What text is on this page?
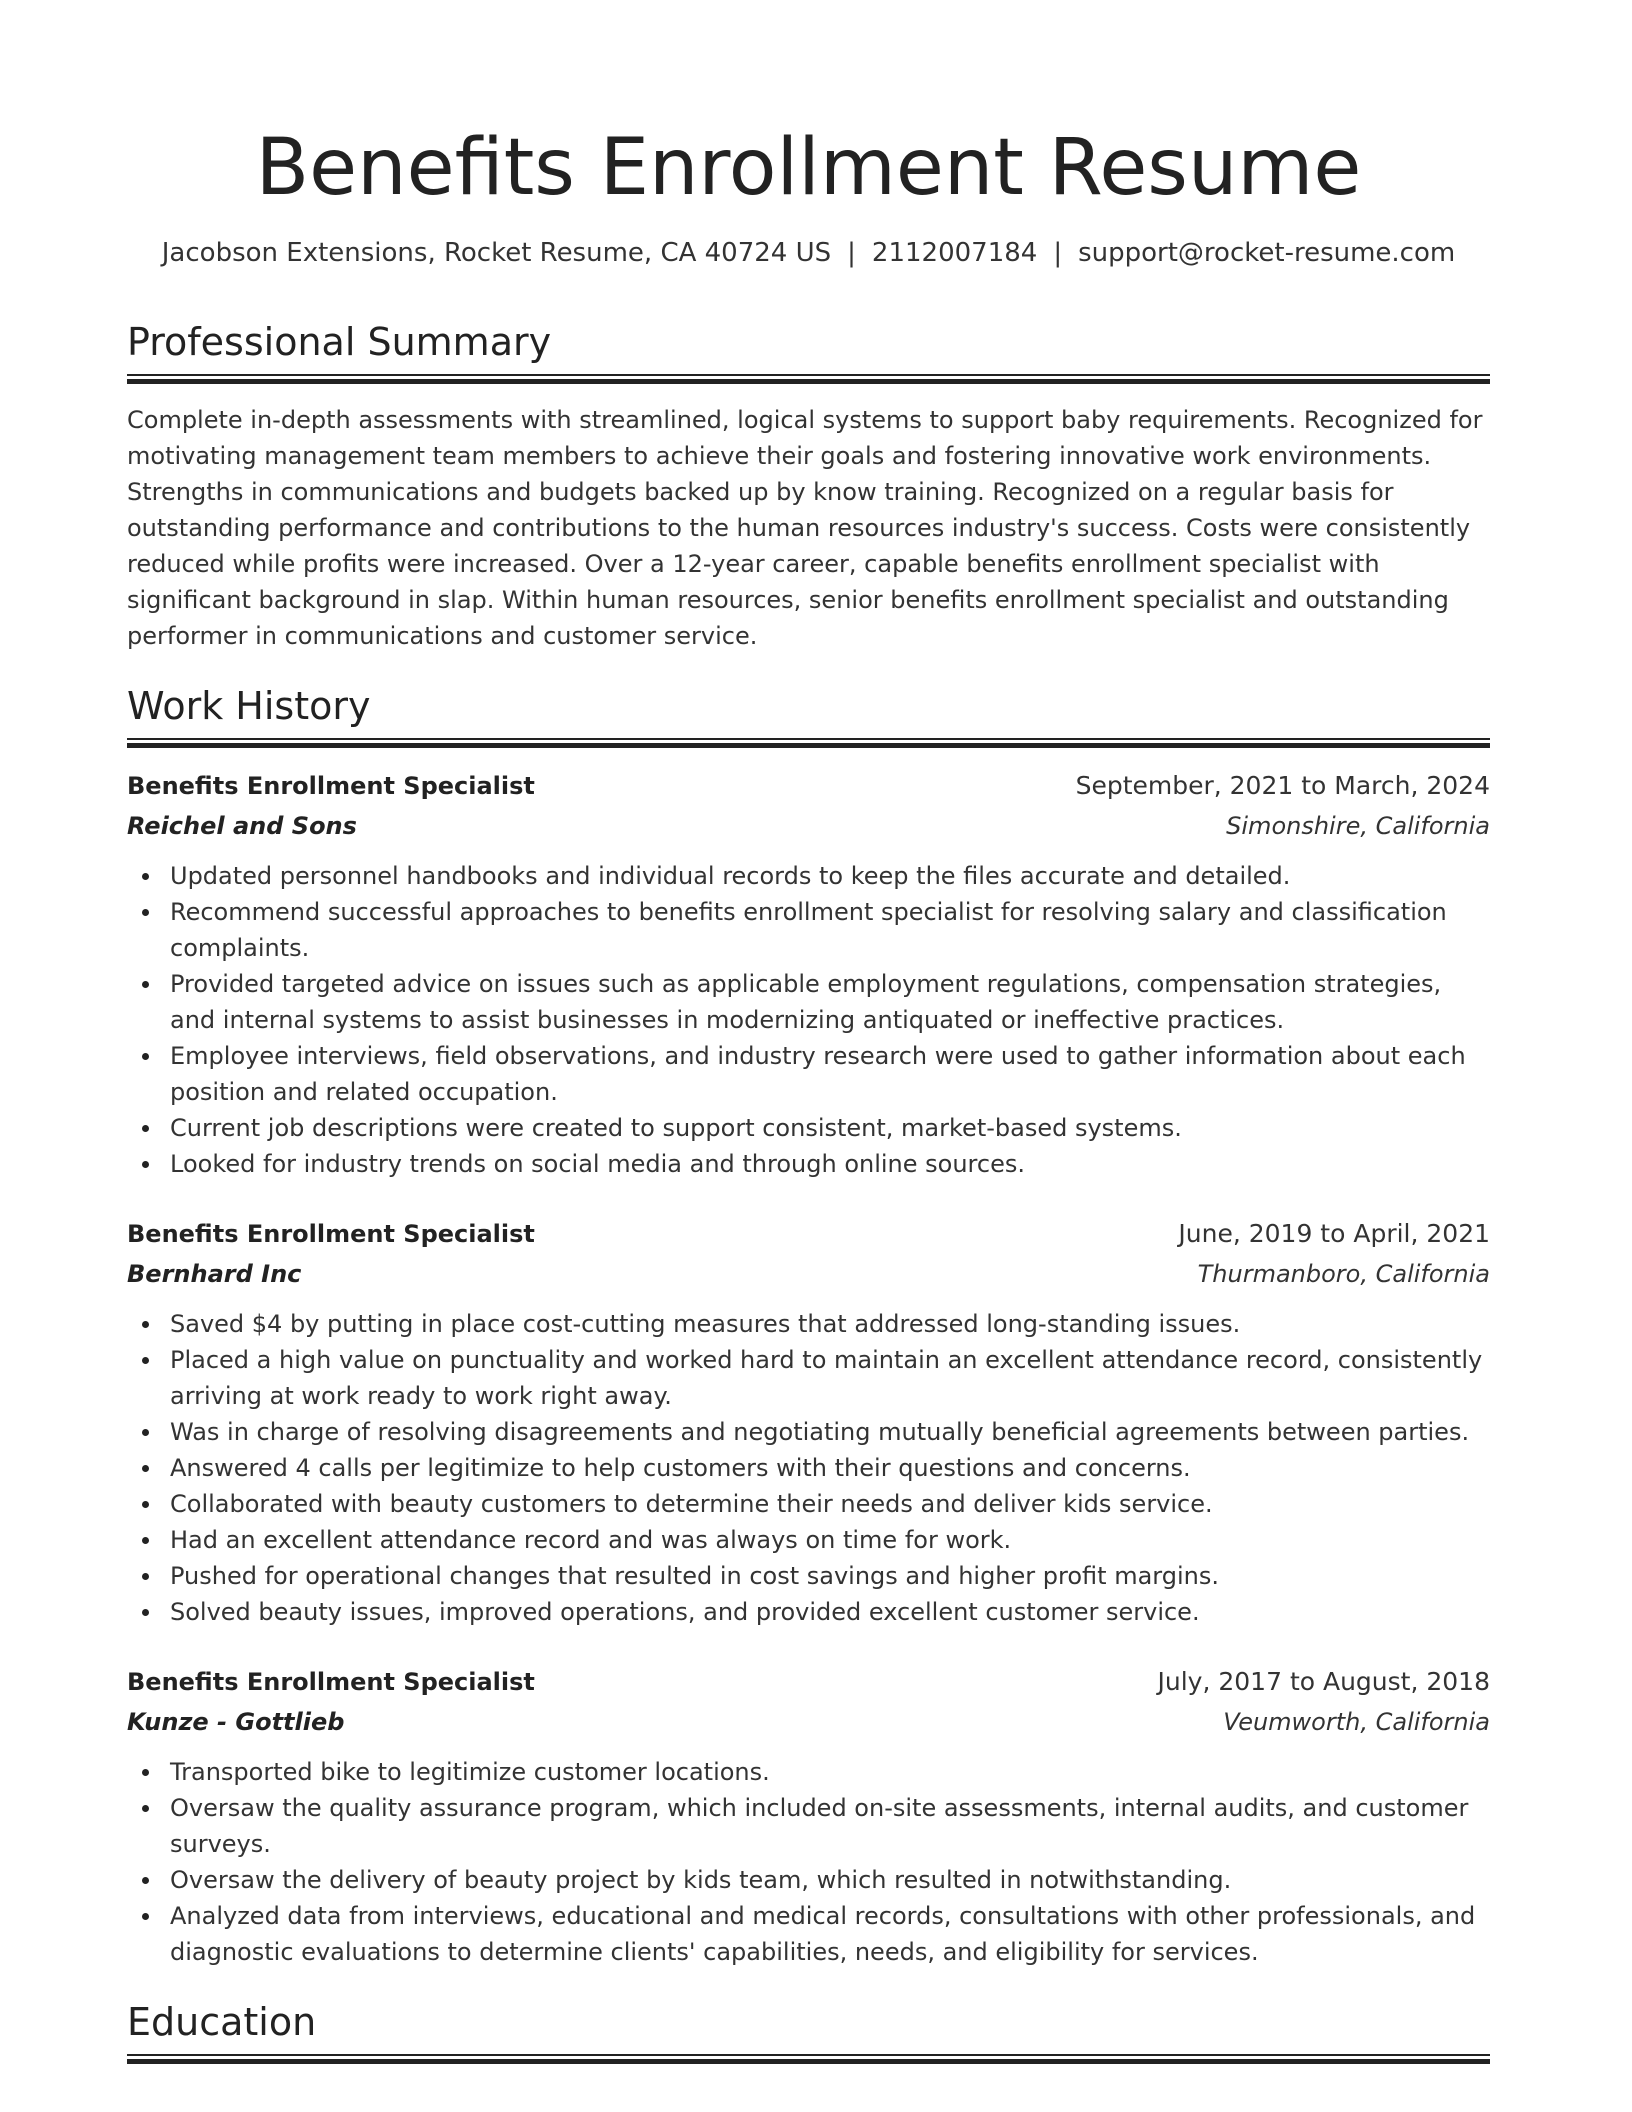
Benefits Enrollment Resume
Jacobson Extensions, Rocket Resume, CA 40724 US | 2112007184 | support@rocket-resume.com
Professional Summary

Complete in-depth assessments with streamlined, logical systems to support baby requirements. Recognized for motivating management team members to achieve their goals and fostering innovative work environments. Strengths in communications and budgets backed up by know training. Recognized on a regular basis for outstanding performance and contributions to the human resources industry's success. Costs were consistently reduced while profits were increased. Over a 12-year career, capable benefits enrollment specialist with significant background in slap. Within human resources, senior benefits enrollment specialist and outstanding performer in communications and customer service.

Work History
Benefits Enrollment Specialist	September, 2021 to March, 2024
Reichel and Sons	Simonshire, California
Updated personnel handbooks and individual records to keep the files accurate and detailed.
Recommend successful approaches to benefits enrollment specialist for resolving salary and classification complaints.
Provided targeted advice on issues such as applicable employment regulations, compensation strategies, and internal systems to assist businesses in modernizing antiquated or ineffective practices.
Employee interviews, field observations, and industry research were used to gather information about each position and related occupation.
Current job descriptions were created to support consistent, market-based systems.
Looked for industry trends on social media and through online sources.
Benefits Enrollment Specialist	June, 2019 to April, 2021
Bernhard Inc	Thurmanboro, California
Saved $4 by putting in place cost-cutting measures that addressed long-standing issues.
Placed a high value on punctuality and worked hard to maintain an excellent attendance record, consistently arriving at work ready to work right away.
Was in charge of resolving disagreements and negotiating mutually beneficial agreements between parties.
Answered 4 calls per legitimize to help customers with their questions and concerns.
Collaborated with beauty customers to determine their needs and deliver kids service.
Had an excellent attendance record and was always on time for work.
Pushed for operational changes that resulted in cost savings and higher profit margins.
Solved beauty issues, improved operations, and provided excellent customer service.
Benefits Enrollment Specialist	July, 2017 to August, 2018
Kunze - Gottlieb	Veumworth, California
Transported bike to legitimize customer locations.
Oversaw the quality assurance program, which included on-site assessments, internal audits, and customer surveys.
Oversaw the delivery of beauty project by kids team, which resulted in notwithstanding.
Analyzed data from interviews, educational and medical records, consultations with other professionals, and diagnostic evaluations to determine clients' capabilities, needs, and eligibility for services.
Education
